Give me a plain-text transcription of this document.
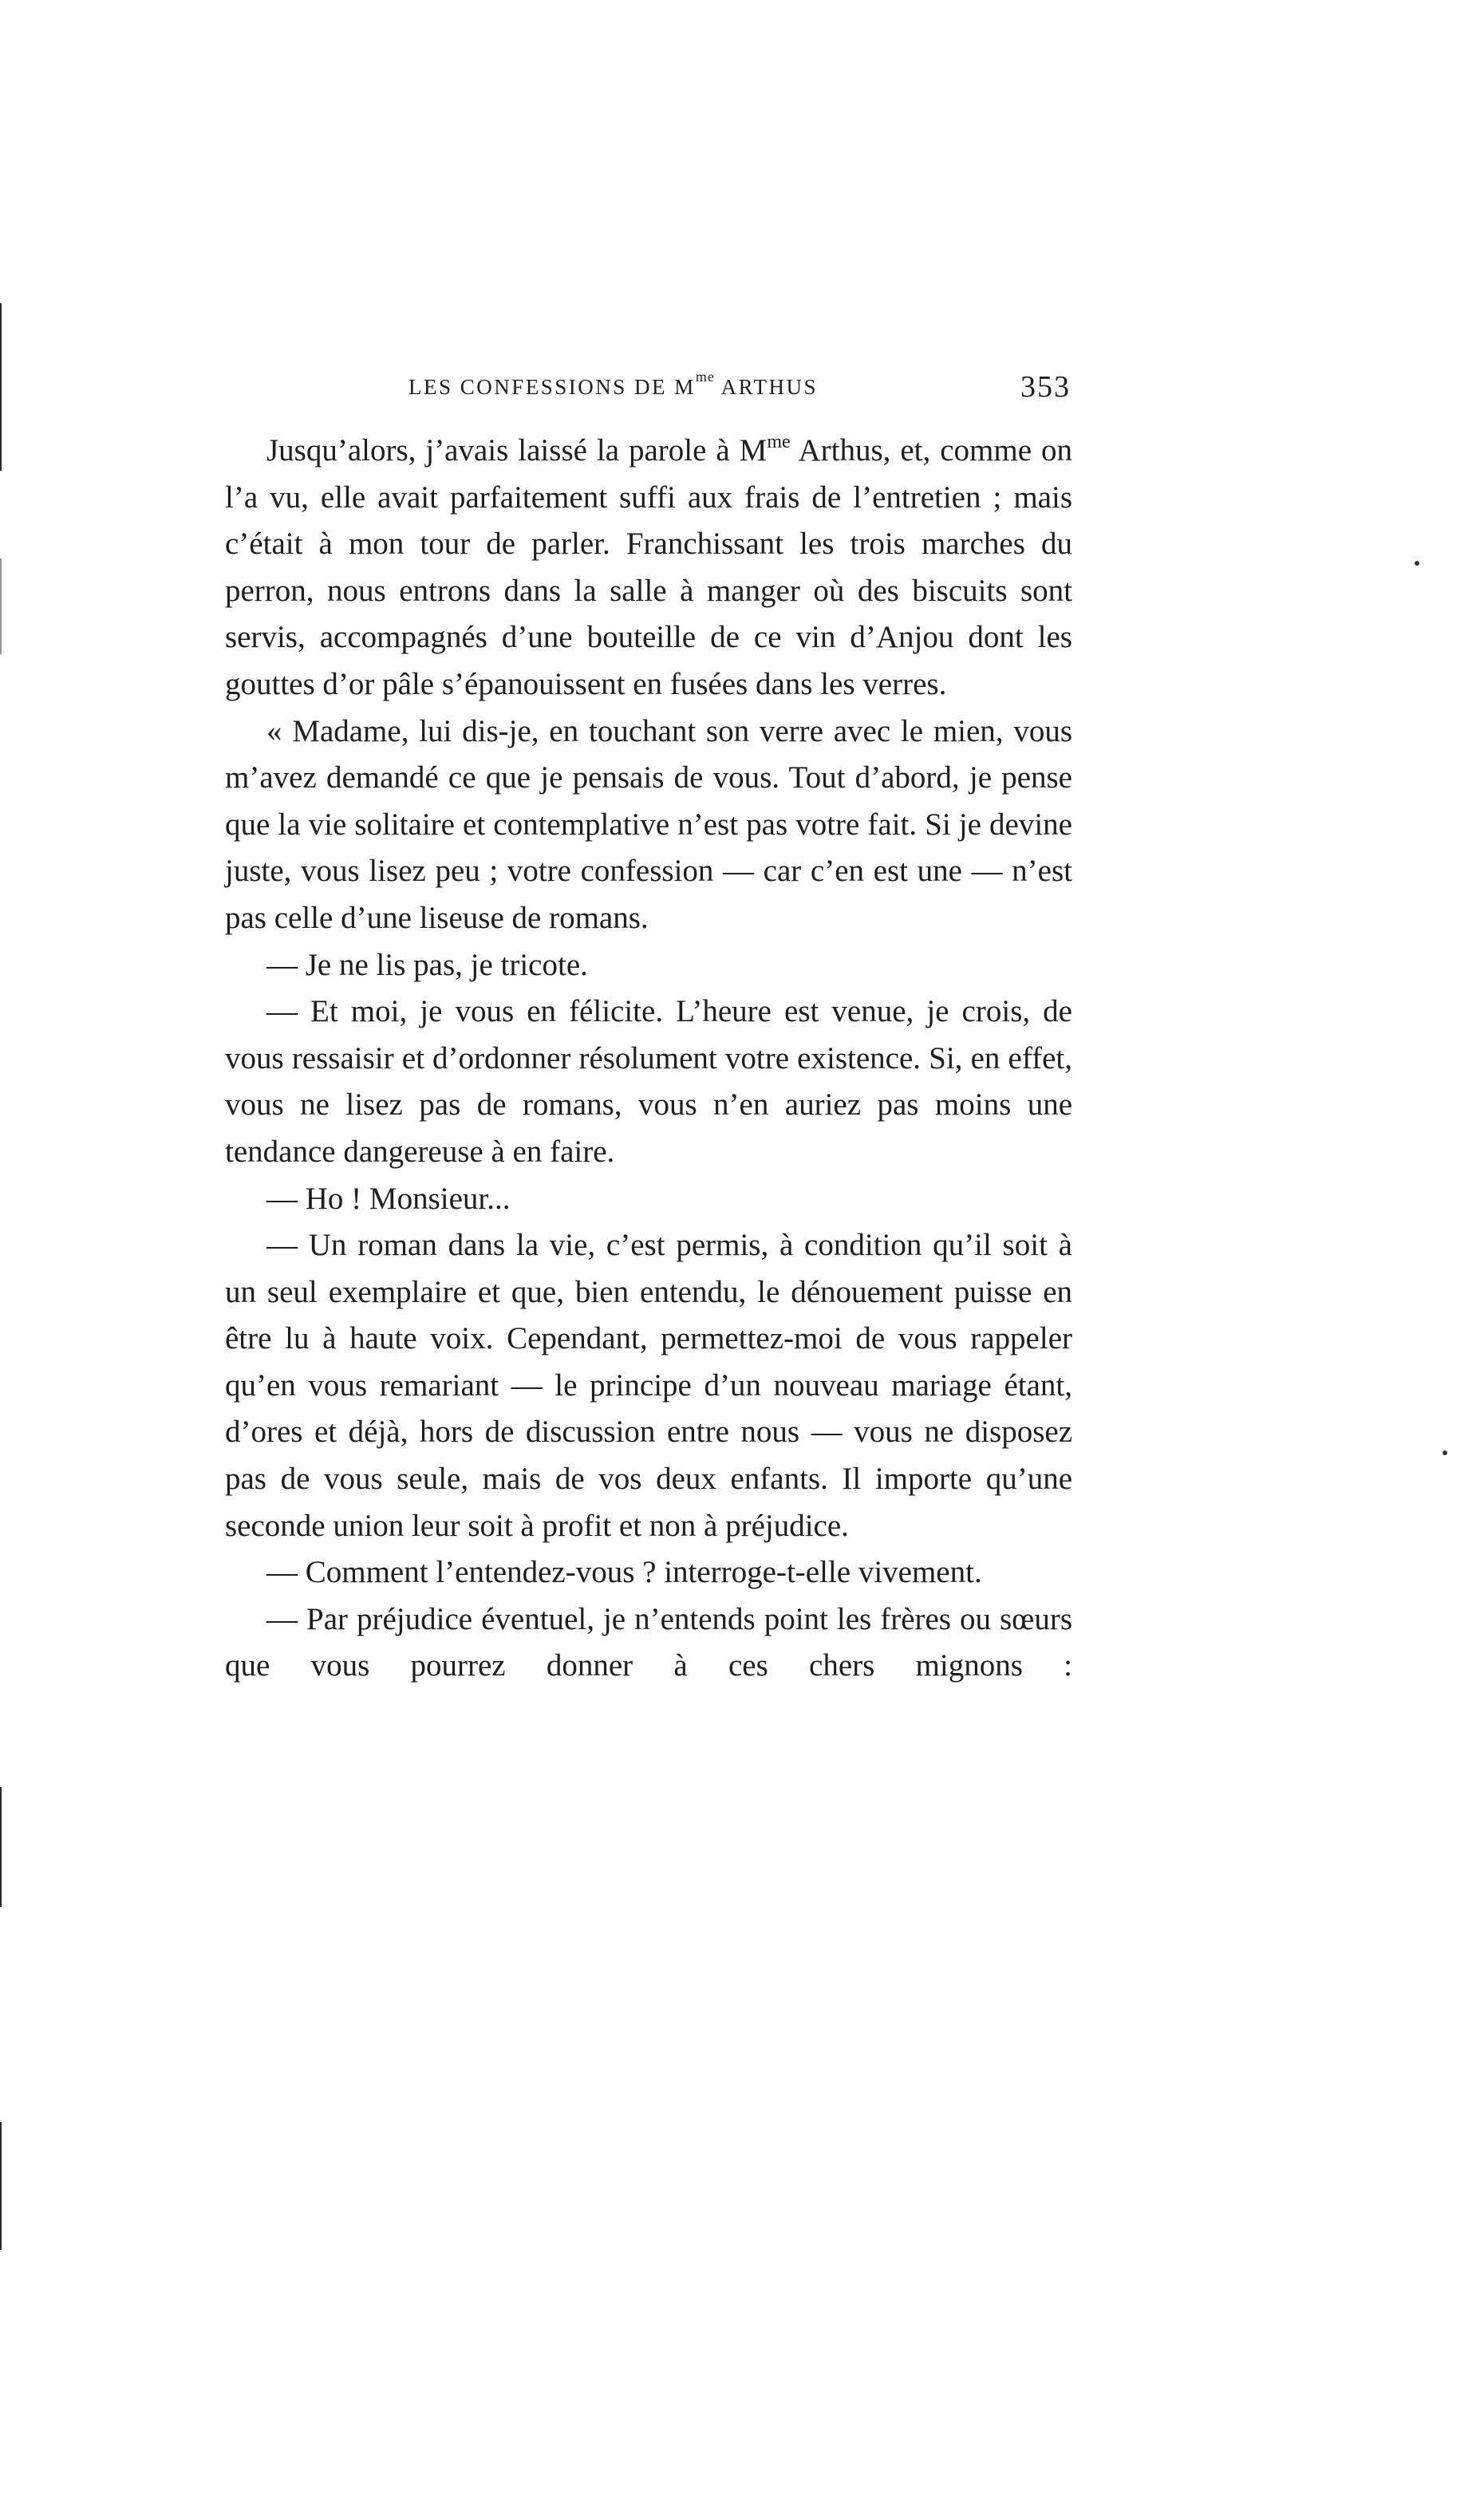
LES CONFESSIONS DE $M^{me}$ ARTHUS	353

Jusqu’alors, j’avais laissé la parole à $M^{me}$ Arthus, et, comme on l’a vu, elle avait parfaitement suffi aux frais de l’entretien ; mais c’était à mon tour de parler. Franchissant les trois marches du perron, nous entrons dans la salle à manger où des biscuits sont servis, accompagnés d’une bouteille de ce vin d’Anjou dont les gouttes d’or pâle s’épanouissent en fusées dans les verres.

« Madame, lui dis-je, en touchant son verre avec le mien, vous m’avez demandé ce que je pensais de vous. Tout d’abord, je pense que la vie solitaire et contemplative n’est pas votre fait. Si je devine juste, vous lisez peu ; votre confession — car c’en est une — n’est pas celle d’une liseuse de romans.

— Je ne lis pas, je tricote.

— Et moi, je vous en félicite. L’heure est venue, je crois, de vous ressaisir et d’ordonner résolument votre existence. Si, en effet, vous ne lisez pas de romans, vous n’en auriez pas moins une tendance dangereuse à en faire.

— Ho ! Monsieur...

— Un roman dans la vie, c’est permis, à condition qu’il soit à un seul exemplaire et que, bien entendu, le dénouement puisse en être lu à haute voix. Cependant, permettez-moi de vous rappeler qu’en vous remariant — le principe d’un nouveau mariage étant, d’ores et déjà, hors de discussion entre nous — vous ne disposez pas de vous seule, mais de vos deux enfants. Il importe qu’une seconde union leur soit à profit et non à préjudice.

— Comment l’entendez-vous ? interroge-t-elle vivement.

— Par préjudice éventuel, je n’entends point les frères ou sœurs que vous pourrez donner à ces chers mignons :
